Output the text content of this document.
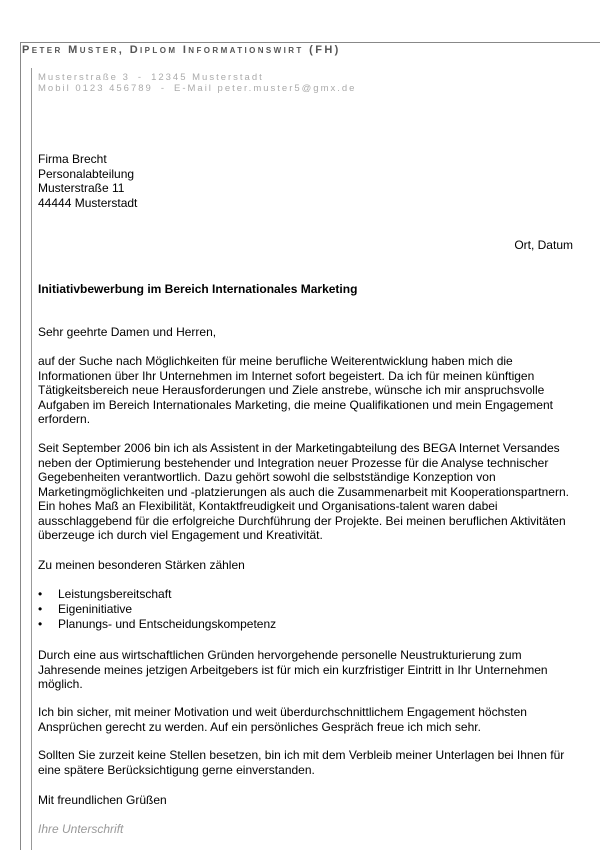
Peter Muster, Diplom Informationswirt (FH)
Musterstraße 3 - 12345 Musterstadt
Mobil 0123 456789 - E-Mail peter.muster5@gmx.de
Firma Brecht
Personalabteilung
Musterstraße 11
44444 Musterstadt
Ort, Datum
Initiativbewerbung im Bereich Internationales Marketing
Sehr geehrte Damen und Herren,
auf der Suche nach Möglichkeiten für meine berufliche Weiterentwicklung haben mich die Informationen über Ihr Unternehmen im Internet sofort begeistert. Da ich für meinen künftigen Tätigkeitsbereich neue Herausforderungen und Ziele anstrebe, wünsche ich mir anspruchsvolle Aufgaben im Bereich Internationales Marketing, die meine Qualifikationen und mein Engagement erfordern.
Seit September 2006 bin ich als Assistent in der Marketingabteilung des BEGA Internet Versandes neben der Optimierung bestehender und Integration neuer Prozesse für die Analyse technischer Gegebenheiten verantwortlich. Dazu gehört sowohl die selbstständige Konzeption von Marketingmöglichkeiten und -platzierungen als auch die Zusammenarbeit mit Kooperationspartnern. Ein hohes Maß an Flexibilität, Kontaktfreudigkeit und Organisations-talent waren dabei ausschlaggebend für die erfolgreiche Durchführung der Projekte. Bei meinen beruflichen Aktivitäten überzeuge ich durch viel Engagement und Kreativität.
Zu meinen besonderen Stärken zählen
• Leistungsbereitschaft
• Eigeninitiative
• Planungs- und Entscheidungskompetenz
Durch eine aus wirtschaftlichen Gründen hervorgehende personelle Neustrukturierung zum Jahresende meines jetzigen Arbeitgebers ist für mich ein kurzfristiger Eintritt in Ihr Unternehmen möglich.
Ich bin sicher, mit meiner Motivation und weit überdurchschnittlichem Engagement höchsten Ansprüchen gerecht zu werden. Auf ein persönliches Gespräch freue ich mich sehr.
Sollten Sie zurzeit keine Stellen besetzen, bin ich mit dem Verbleib meiner Unterlagen bei Ihnen für eine spätere Berücksichtigung gerne einverstanden.
Mit freundlichen Grüßen
Ihre Unterschrift
